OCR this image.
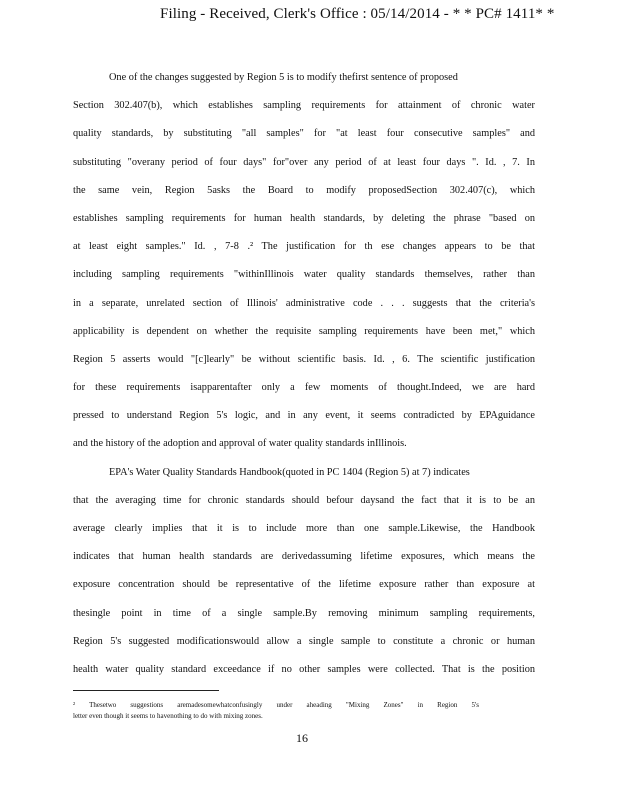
Filing - Received, Clerk's Office : 05/14/2014 - * * PC# 1411* *
One of the changes suggested by Region 5 is to modify thefirst sentence of proposed
Section 302.407(b), which establishes sampling requirements for attainment of chronic water
quality standards, by substituting "all samples" for "at least four consecutive samples" and
substituting "overany period of four days" for"over any period of at least four days ". Id. , 7. In
the same vein, Region 5asks the Board to modify proposedSection 302.407(c), which
establishes sampling requirements for human health standards, by deleting the phrase "based on
at least eight samples." Id. , 7-8 .² The justification for th ese changes appears to be that
including sampling requirements "withinIllinois water quality standards themselves, rather than
in a separate, unrelated section of Illinois' administrative code . . . suggests that the criteria's
applicability is dependent on whether the requisite sampling requirements have been met," which
Region 5 asserts would "[c]learly" be without scientific basis. Id. , 6. The scientific justification
for these requirements isapparentafter only a few moments of thought.Indeed, we are hard
pressed to understand Region 5's logic, and in any event, it seems contradicted by EPAguidance
and the history of the adoption and approval of water quality standards inIllinois.
EPA's Water Quality Standards Handbook(quoted in PC 1404 (Region 5) at 7) indicates
that the averaging time for chronic standards should befour daysand the fact that it is to be an
average clearly implies that it is to include more than one sample.Likewise, the Handbook
indicates that human health standards are derivedassuming lifetime exposures, which means the
exposure concentration should be representative of the lifetime exposure rather than exposure at
thesingle point in time of a single sample.By removing minimum sampling requirements,
Region 5's suggested modificationswould allow a single sample to constitute a chronic or human
health water quality standard exceedance if no other samples were collected. That is the position
² Thesetwo suggestions aremadesomewhatconfusingly under aheading "Mixing Zones" in Region 5's
letter even though it seems to havenothing to do with mixing zones.
16
